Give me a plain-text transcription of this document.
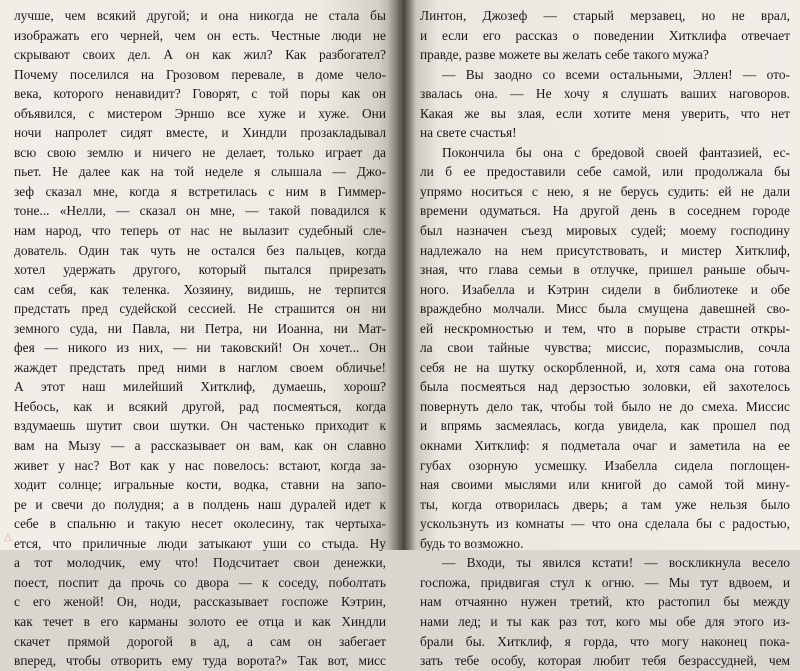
лучше, чем всякий другой; и она никогда не стала бы
изображать его черней, чем он есть. Честные люди не
скрывают своих дел. А он как жил? Как разбогател?
Почему поселился на Грозовом перевале, в доме чело-
века, которого ненавидит? Говорят, с той поры как он
объявился, с мистером Эрншо все хуже и хуже. Они
ночи напролет сидят вместе, и Хиндли прозакладывал
всю свою землю и ничего не делает, только играет да
пьет. Не далее как на той неделе я слышала — Джо-
зеф сказал мне, когда я встретилась с ним в Гиммер-
тоне... «Нелли, — сказал он мне, — такой повадился к
нам народ, что теперь от нас не вылазит судебный сле-
дователь. Один так чуть не остался без пальцев, когда
хотел удержать другого, который пытался прирезать
сам себя, как теленка. Хозяину, видишь, не терпится
предстать пред судейской сессией. Не страшится он ни
земного суда, ни Павла, ни Петра, ни Иоанна, ни Мат-
фея — никого из них, — ни таковский! Он хочет... Он
жаждет предстать пред ними в наглом своем обличье!
А этот наш милейший Хитклиф, думаешь, хорош?
Небось, как и всякий другой, рад посмеяться, когда
вздумаешь шутит свои шутки. Он частенько приходит к
вам на Мызу — а рассказывает он вам, как он славно
живет у нас? Вот как у нас повелось: встают, когда за-
ходит солнце; игральные кости, водка, ставни на запо-
ре и свечи до полудня; а в полдень наш дуралей идет к
себе в спальню и такую несет околесину, так чертыха-
ется, что приличные люди затыкают уши со стыда. Ну
а тот молодчик, ему что! Подсчитает свои денежки,
поест, поспит да прочь со двора — к соседу, поболтать
с его женой! Он, ноди, рассказывает госпоже Кэтрин,
как течет в его карманы золото ее отца и как Хиндли
скачет прямой дорогой в ад, а сам он забегает
вперед, чтобы отворить ему туда ворота?» Так вот, мисс
△
Линтон, Джозеф — старый мерзавец, но не врал,
и если его рассказ о поведении Хитклифа отвечает
правде, разве можете вы желать себе такого мужа?
— Вы заодно со всеми остальными, Эллен! — ото-
звалась она. — Не хочу я слушать ваших наговоров.
Какая же вы злая, если хотите меня уверить, что нет
на свете счастья!
Покончила бы она с бредовой своей фантазией, ес-
ли б ее предоставили себе самой, или продолжала бы
упрямо носиться с нею, я не берусь судить: ей не дали
времени одуматься. На другой день в соседнем городе
был назначен съезд мировых судей; моему господину
надлежало на нем присутствовать, и мистер Хитклиф,
зная, что глава семьи в отлучке, пришел раньше обыч-
ного. Изабелла и Кэтрин сидели в библиотеке и обе
враждебно молчали. Мисс была смущена давешней сво-
ей нескромностью и тем, что в порыве страсти откры-
ла свои тайные чувства; миссис, поразмыслив, сочла
себя не на шутку оскорбленной, и, хотя сама она готова
была посмеяться над дерзостью золовки, ей захотелось
повернуть дело так, чтобы той было не до смеха. Миссис
и впрямь засмеялась, когда увидела, как прошел под
окнами Хитклиф: я подметала очаг и заметила на ее
губах озорную усмешку. Изабелла сидела поглощен-
ная своими мыслями или книгой до самой той мину-
ты, когда отворилась дверь; а там уже нельзя было
ускользнуть из комнаты — что она сделала бы с радостью,
будь то возможно.
— Входи, ты явился кстати! — воскликнула весело
госпожа, придвигая стул к огню. — Мы тут вдвоем, и
нам отчаянно нужен третий, кто растопил бы между
нами лед; и ты как раз тот, кого мы обе для этого из-
брали бы. Хитклиф, я горда, что могу наконец пока-
зать тебе особу, которая любит тебя безрассудней, чем
